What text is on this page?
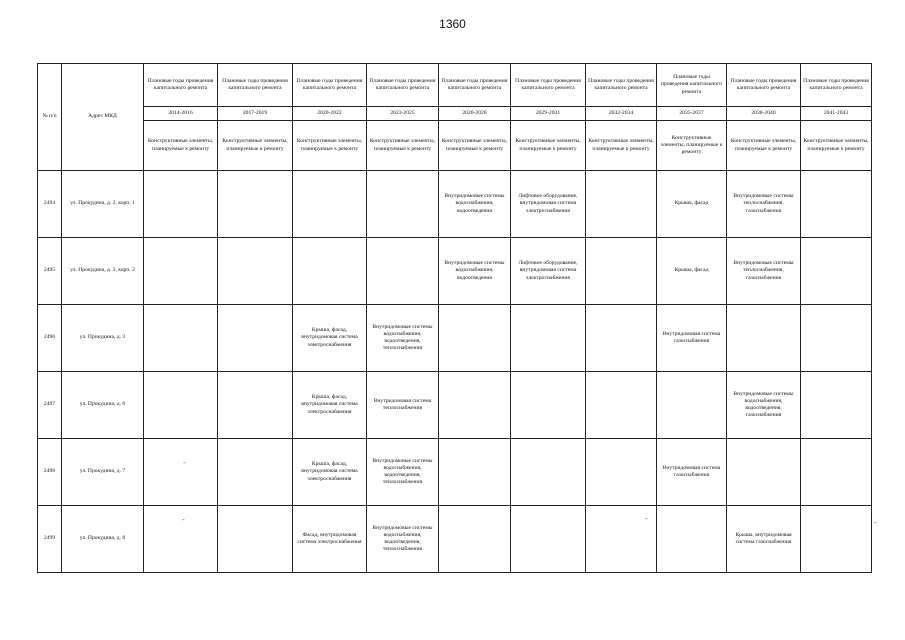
1360
№ п/п	Адрес МКД	Плановые годы проведения капитального ремонта	Плановые годы проведения капитального ремонта	Плановые годы проведения капитального ремонта	Плановые годы проведения капитального ремонта	Плановые годы проведения капитального ремонта	Плановые годы проведения капитального ремонта	Плановые годы проведения капитального ремонта	Плановые годы проведения капитального ремонта	Плановые годы проведения капитального ремонта	Плановые годы проведения капитального ремонта
		2014-2016	2017-2019	2020-2022	2023-2025	2026-2028	2029-2031	2032-2034	2035-2037	2038-2040	2041-2043
		Конструктивные элементы, планируемые к ремонту	Конструктивные элементы, планируемые к ремонту	Конструктивные элементы, планируемые к ремонту	Конструктивные элементы, планируемые к ремонту	Конструктивные элементы, планируемые к ремонту	Конструктивные элементы, планируемые к ремонту	Конструктивные элементы, планируемые к ремонту	Конструктивные элементы, планируемые к ремонту	Конструктивные элементы, планируемые к ремонту	Конструктивные элементы, планируемые к ремонту
2494	ул. Прокудина, д. 2, корп. 1					Внутридомовые системы водоснабжения, водоотведения	Лифтовое оборудование, внутридомовая система электроснабжения		Крыша, фасад	Внутридомовые системы теплоснабжения, газоснабжения	
2495	ул. Прокудина, д. 2, корп. 2					Внутридомовые системы водоснабжения, водоотведения	Лифтовое оборудование, внутридомовая система электроснабжения		Крыша, фасад	Внутридомовые системы теплоснабжения, газоснабжения	
2496	ул. Прокудина, д. 3			Крыша, фасад, внутридомовая система электроснабжения	Внутридомовые системы водоснабжения, водоотведения, теплоснабжения				Внутридомовая система газоснабжения		
2497	ул. Прокудина, д. 6			Крыша, фасад, внутридомовая система электроснабжения	Внутридомовая система теплоснабжения					Внутридомовые системы водоснабжения, водоотведения, газоснабжения	
2498	ул. Прокудина, д. 7			Крыша, фасад, внутридомовая система электроснабжения	Внутридомовые системы водоснабжения, водоотведения, теплоснабжения				Внутридомовая система газоснабжения		
2499	ул. Прокудина, д. 8			Фасад, внутридомовая система электроснабжения	Внутридомовые системы водоснабжения, водоотведения, теплоснабжения					Крыша, внутридомовая система газоснабжения	
-
-	-	-
